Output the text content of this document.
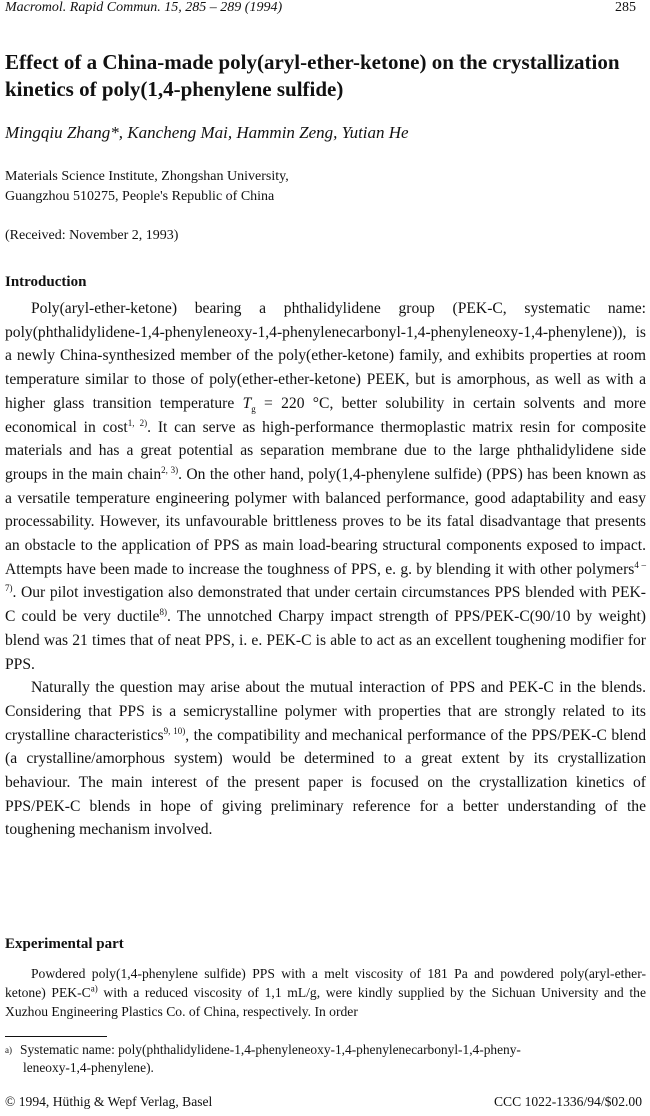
Macromol. Rapid Commun. 15, 285 – 289 (1994)	285
Effect of a China-made poly(aryl-ether-ketone) on the crystallization kinetics of poly(1,4-phenylene sulfide)
Mingqiu Zhang*, Kancheng Mai, Hammin Zeng, Yutian He
Materials Science Institute, Zhongshan University,
Guangzhou 510275, People's Republic of China
(Received: November 2, 1993)
Introduction

Poly(aryl-ether-ketone) bearing a phthalidylidene group (PEK-C, systematic name: poly(phthalidylidene-1,4-phenyleneoxy-1,4-phenylenecarbonyl-1,4-phenyleneoxy-1,4-phenylene)), is a newly China-synthesized member of the poly(ether-ketone) family, and exhibits properties at room temperature similar to those of poly(ether-ether-ketone) PEEK, but is amorphous, as well as with a higher glass transition temperature $T_g = 220$ °C, better solubility in certain solvents and more economical in cost$^{1, 2)}$. It can serve as high-performance thermoplastic matrix resin for composite materials and has a great potential as separation membrane due to the large phthalidylidene side groups in the main chain$^{2, 3)}$. On the other hand, poly(1,4-phenylene sulfide) (PPS) has been known as a versatile temperature engineering polymer with balanced performance, good adaptability and easy processability. However, its unfavourable brittleness proves to be its fatal disadvantage that presents an obstacle to the application of PPS as main load-bearing structural components exposed to impact. Attempts have been made to increase the toughness of PPS, e. g. by blending it with other polymers$^{4 - 7)}$. Our pilot investigation also demonstrated that under certain circumstances PPS blended with PEK-C could be very ductile$^{8)}$. The unnotched Charpy impact strength of PPS/PEK-C(90/10 by weight) blend was 21 times that of neat PPS, i. e. PEK-C is able to act as an excellent toughening modifier for PPS.

Naturally the question may arise about the mutual interaction of PPS and PEK-C in the blends. Considering that PPS is a semicrystalline polymer with properties that are strongly related to its crystalline characteristics$^{9, 10)}$, the compatibility and mechanical performance of the PPS/PEK-C blend (a crystalline/amorphous system) would be determined to a great extent by its crystallization behaviour. The main interest of the present paper is focused on the crystallization kinetics of PPS/PEK-C blends in hope of giving preliminary reference for a better understanding of the toughening mechanism involved.

Experimental part

Powdered poly(1,4-phenylene sulfide) PPS with a melt viscosity of 181 Pa and powdered poly(aryl-ether-ketone) PEK-$C^{a)}$ with a reduced viscosity of 1,1 mL/g, were kindly supplied by the Sichuan University and the Xuzhou Engineering Plastics Co. of China, respectively. In order

$^{a)}$ Systematic name: poly(phthalidylidene-1,4-phenyleneoxy-1,4-phenylenecarbonyl-1,4-pheny-
leneoxy-1,4-phenylene).
© 1994, Hüthig & Wepf Verlag, Basel	CCC 1022-1336/94/$02.00
